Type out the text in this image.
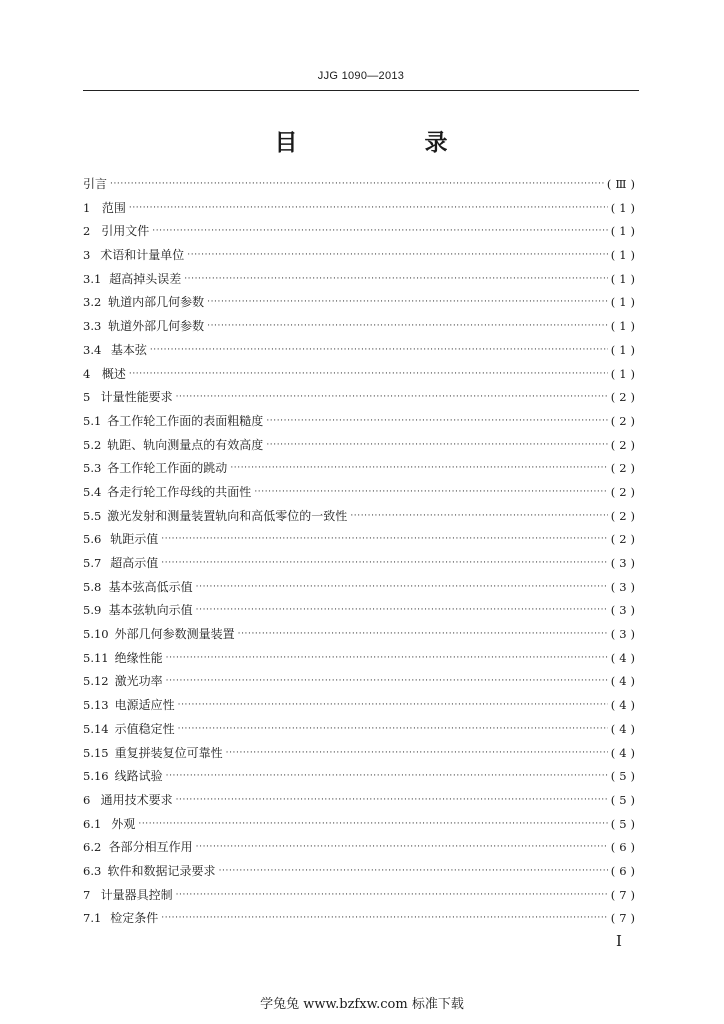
JJG 1090—2013
目　录
引言 ·····	(Ⅲ)
1 范围 ·····	(1)
2 引用文件 ·····	(1)
3 术语和计量单位 ·····	(1)
3.1 超高掉头误差 ·····	(1)
3.2 轨道内部几何参数 ·····	(1)
3.3 轨道外部几何参数 ·····	(1)
3.4 基本弦 ·····	(1)
4 概述 ·····	(1)
5 计量性能要求 ·····	(2)
5.1 各工作轮工作面的表面粗糙度 ·····	(2)
5.2 轨距、轨向测量点的有效高度 ·····	(2)
5.3 各工作轮工作面的跳动 ·····	(2)
5.4 各走行轮工作母线的共面性 ·····	(2)
5.5 激光发射和测量装置轨向和高低零位的一致性 ·····	(2)
5.6 轨距示值 ·····	(2)
5.7 超高示值 ·····	(3)
5.8 基本弦高低示值 ·····	(3)
5.9 基本弦轨向示值 ·····	(3)
5.10 外部几何参数测量装置 ·····	(3)
5.11 绝缘性能 ·····	(4)
5.12 激光功率 ·····	(4)
5.13 电源适应性 ·····	(4)
5.14 示值稳定性 ·····	(4)
5.15 重复拼装复位可靠性 ·····	(4)
5.16 线路试验 ·····	(5)
6 通用技术要求 ·····	(5)
6.1 外观 ·····	(5)
6.2 各部分相互作用 ·····	(6)
6.3 软件和数据记录要求 ·····	(6)
7 计量器具控制 ·····	(7)
7.1 检定条件 ·····	(7)
Ⅰ
学兔兔 www.bzfxw.com 标准下载
